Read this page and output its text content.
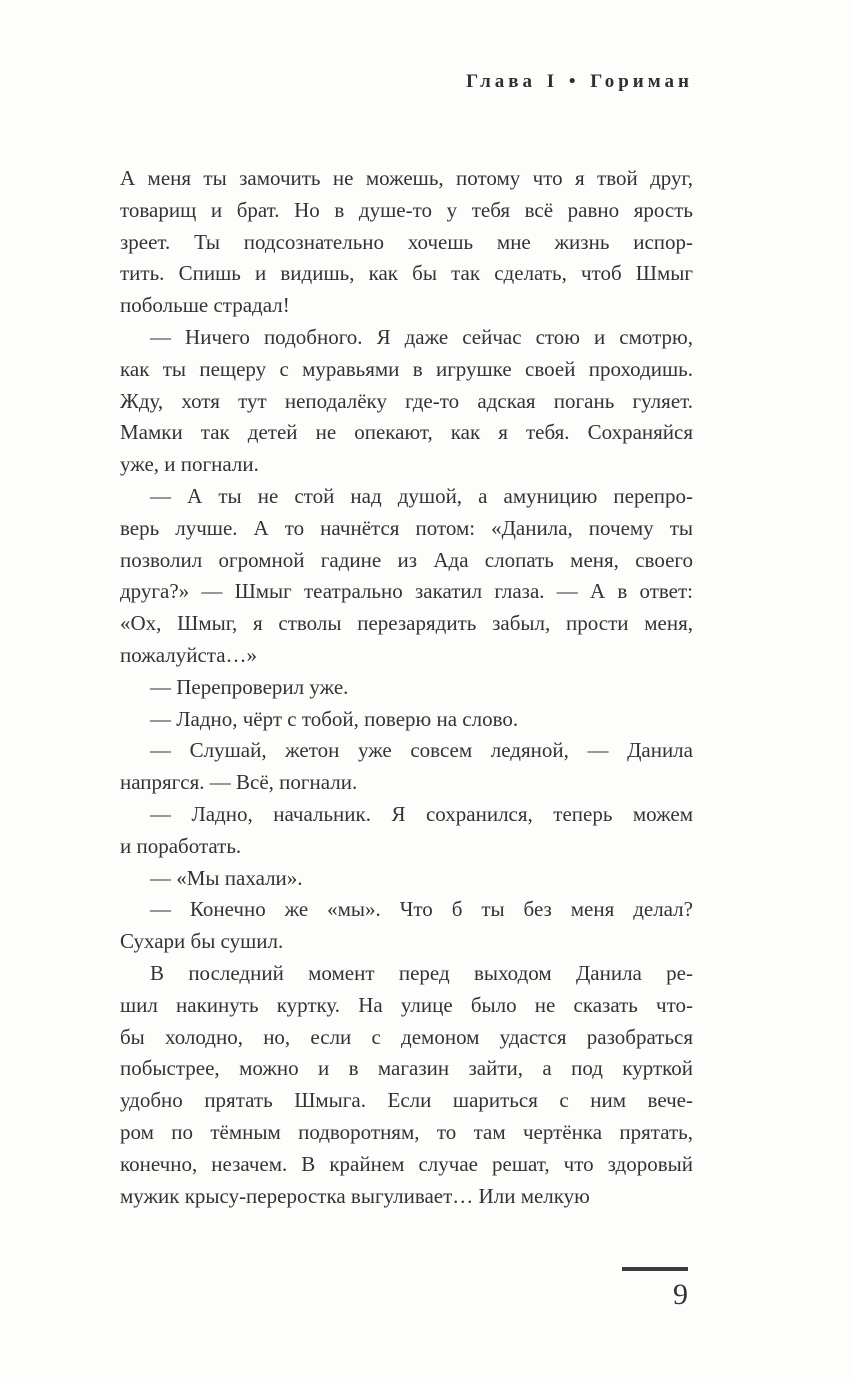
Глава I • Гориман
А меня ты замочить не можешь, потому что я твой друг,
товарищ и брат. Но в душе-то у тебя всё равно ярость
зреет. Ты подсознательно хочешь мне жизнь испор-
тить. Спишь и видишь, как бы так сделать, чтоб Шмыг
побольше страдал!
— Ничего подобного. Я даже сейчас стою и смотрю,
как ты пещеру с муравьями в игрушке своей проходишь.
Жду, хотя тут неподалёку где-то адская погань гуляет.
Мамки так детей не опекают, как я тебя. Сохраняйся
уже, и погнали.
— А ты не стой над душой, а амуницию перепро-
верь лучше. А то начнётся потом: «Данила, почему ты
позволил огромной гадине из Ада слопать меня, своего
друга?» — Шмыг театрально закатил глаза. — А в ответ:
«Ох, Шмыг, я стволы перезарядить забыл, прости меня,
пожалуйста…»
— Перепроверил уже.
— Ладно, чёрт с тобой, поверю на слово.
— Слушай, жетон уже совсем ледяной, — Данила
напрягся. — Всё, погнали.
— Ладно, начальник. Я сохранился, теперь можем
и поработать.
— «Мы пахали».
— Конечно же «мы». Что б ты без меня делал?
Сухари бы сушил.
В последний момент перед выходом Данила ре-
шил накинуть куртку. На улице было не сказать что-
бы холодно, но, если с демоном удастся разобраться
побыстрее, можно и в магазин зайти, а под курткой
удобно прятать Шмыга. Если шариться с ним вече-
ром по тёмным подворотням, то там чертёнка прятать,
конечно, незачем. В крайнем случае решат, что здоровый
мужик крысу-переростка выгуливает… Или мелкую
9
